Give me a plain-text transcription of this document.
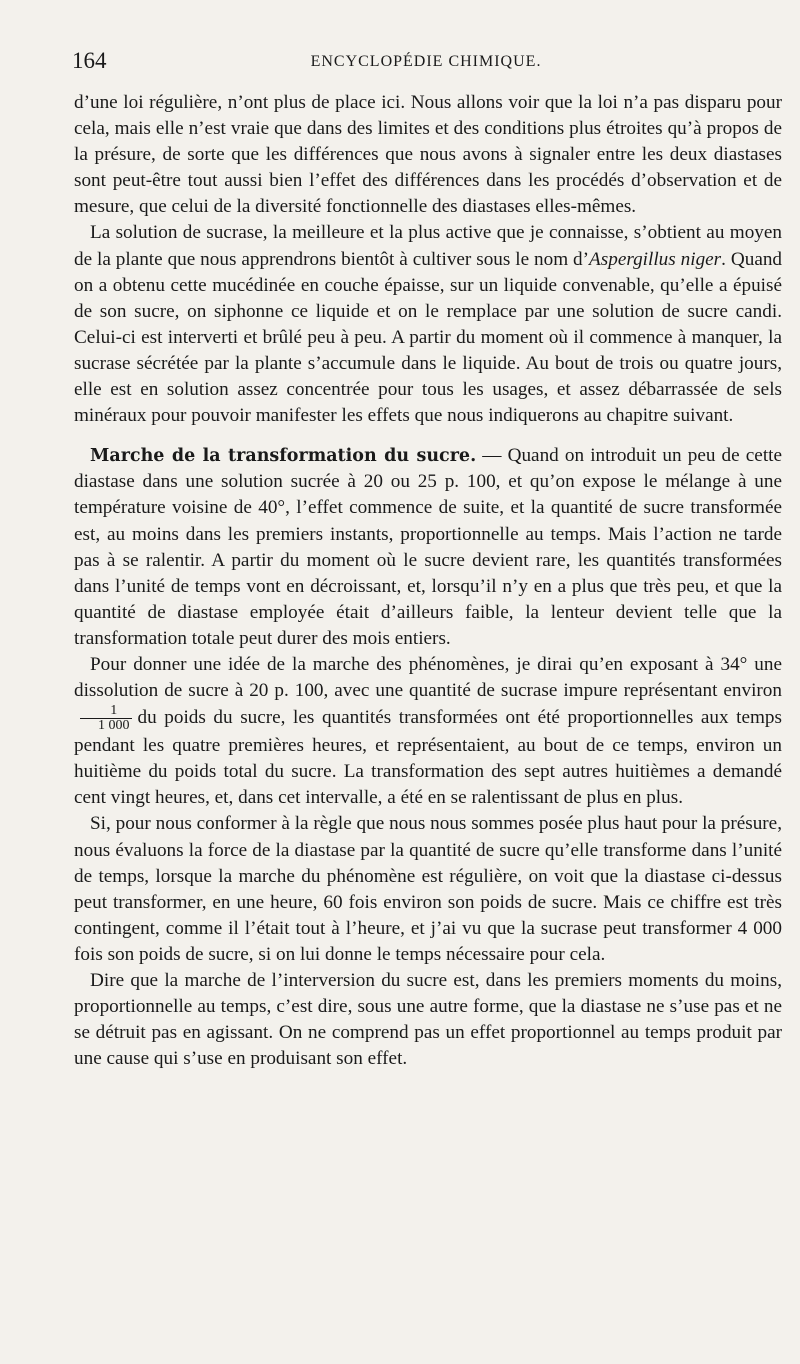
164	ENCYCLOPÉDIE CHIMIQUE.

d’une loi régulière, n’ont plus de place ici. Nous allons voir que la loi n’a pas disparu pour cela, mais elle n’est vraie que dans des limites et des conditions plus étroites qu’à propos de la présure, de sorte que les différences que nous avons à signaler entre les deux diastases sont peut-être tout aussi bien l’effet des différences dans les procédés d’observation et de mesure, que celui de la diversité fonctionnelle des diastases elles-mêmes.

La solution de sucrase, la meilleure et la plus active que je connaisse, s’obtient au moyen de la plante que nous apprendrons bientôt à cultiver sous le nom d’Aspergillus niger. Quand on a obtenu cette mucédinée en couche épaisse, sur un liquide convenable, qu’elle a épuisé de son sucre, on siphonne ce liquide et on le remplace par une solution de sucre candi. Celui-ci est interverti et brûlé peu à peu. A partir du moment où il commence à manquer, la sucrase sécrétée par la plante s’accumule dans le liquide. Au bout de trois ou quatre jours, elle est en solution assez concentrée pour tous les usages, et assez débarrassée de sels minéraux pour pouvoir manifester les effets que nous indiquerons au chapitre suivant.

Marche de la transformation du sucre. — Quand on introduit un peu de cette diastase dans une solution sucrée à 20 ou 25 p. 100, et qu’on expose le mélange à une température voisine de 40°, l’effet commence de suite, et la quantité de sucre transformée est, au moins dans les premiers instants, proportionnelle au temps. Mais l’action ne tarde pas à se ralentir. A partir du moment où le sucre devient rare, les quantités transformées dans l’unité de temps vont en décroissant, et, lorsqu’il n’y en a plus que très peu, et que la quantité de diastase employée était d’ailleurs faible, la lenteur devient telle que la transformation totale peut durer des mois entiers.

Pour donner une idée de la marche des phénomènes, je dirai qu’en exposant à 34° une dissolution de sucre à 20 p. 100, avec une quantité de sucrase impure représentant environ
$\frac{1}{1 000}$ du poids du sucre, les quantités transformées ont été proportionnelles aux temps pendant les quatre premières heures, et représentaient, au bout de ce temps, environ un huitième du poids total du sucre. La transformation des sept autres huitièmes a demandé cent vingt heures, et, dans cet intervalle, a été en se ralentissant de plus en plus.

Si, pour nous conformer à la règle que nous nous sommes posée plus haut pour la présure, nous évaluons la force de la diastase par la quantité de sucre qu’elle transforme dans l’unité de temps, lorsque la marche du phénomène est régulière, on voit que la diastase ci-dessus peut transformer, en une heure, 60 fois environ son poids de sucre. Mais ce chiffre est très contingent, comme il l’était tout à l’heure, et j’ai vu que la sucrase peut transformer 4 000 fois son poids de sucre, si on lui donne le temps nécessaire pour cela.

Dire que la marche de l’interversion du sucre est, dans les premiers moments du moins, proportionnelle au temps, c’est dire, sous une autre forme, que la diastase ne s’use pas et ne se détruit pas en agissant. On ne comprend pas un effet proportionnel au temps produit par une cause qui s’use en produisant son effet.
